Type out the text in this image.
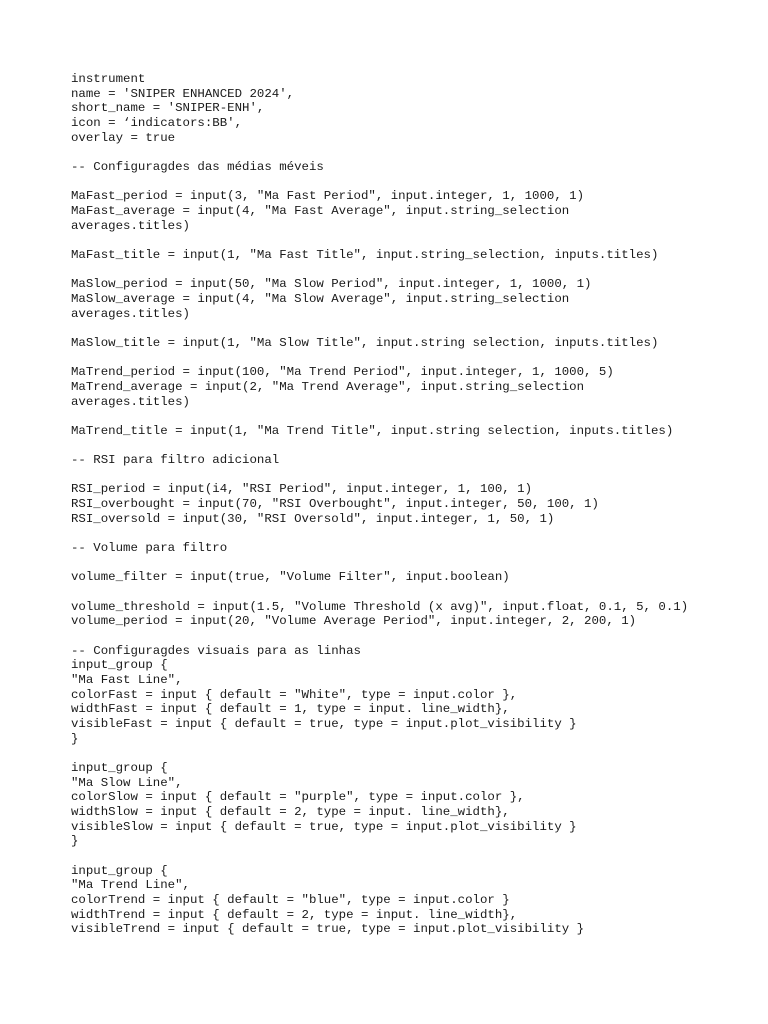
instrument
name = 'SNIPER ENHANCED 2024',
short_name = 'SNIPER-ENH',
icon = ‘indicators:BB',
overlay = true
-- Configuragdes das médias méveis
MaFast_period = input(3, "Ma Fast Period", input.integer, 1, 1000, 1)
MaFast_average = input(4, "Ma Fast Average", input.string_selection
averages.titles)
MaFast_title = input(1, "Ma Fast Title", input.string_selection, inputs.titles)
MaSlow_period = input(50, "Ma Slow Period", input.integer, 1, 1000, 1)
MaSlow_average = input(4, "Ma Slow Average", input.string_selection
averages.titles)
MaSlow_title = input(1, "Ma Slow Title", input.string selection, inputs.titles)
MaTrend_period = input(100, "Ma Trend Period", input.integer, 1, 1000, 5)
MaTrend_average = input(2, "Ma Trend Average", input.string_selection
averages.titles)
MaTrend_title = input(1, "Ma Trend Title", input.string selection, inputs.titles)
-- RSI para filtro adicional
RSI_period = input(i4, "RSI Period", input.integer, 1, 100, 1)
RSI_overbought = input(70, "RSI Overbought", input.integer, 50, 100, 1)
RSI_oversold = input(30, "RSI Oversold", input.integer, 1, 50, 1)
-- Volume para filtro
volume_filter = input(true, "Volume Filter", input.boolean)
volume_threshold = input(1.5, "Volume Threshold (x avg)", input.float, 0.1, 5, 0.1)
volume_period = input(20, "Volume Average Period", input.integer, 2, 200, 1)
-- Configuragdes visuais para as linhas
input_group {
"Ma Fast Line",
colorFast = input { default = "White", type = input.color },
widthFast = input { default = 1, type = input. line_width},
visibleFast = input { default = true, type = input.plot_visibility }
}
input_group {
"Ma Slow Line",
colorSlow = input { default = "purple", type = input.color },
widthSlow = input { default = 2, type = input. line_width},
visibleSlow = input { default = true, type = input.plot_visibility }
}
input_group {
"Ma Trend Line",
colorTrend = input { default = "blue", type = input.color }
widthTrend = input { default = 2, type = input. line_width},
visibleTrend = input { default = true, type = input.plot_visibility }
